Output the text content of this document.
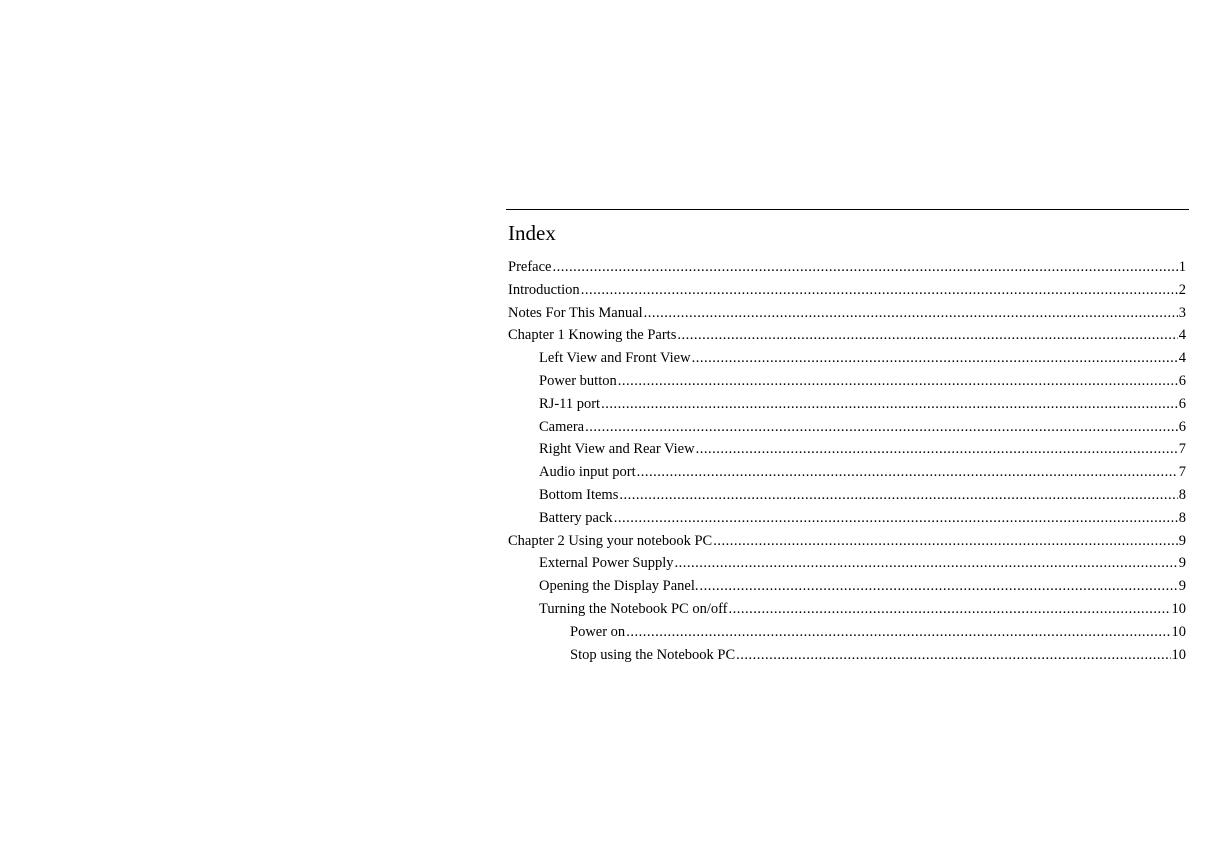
Index
Preface .....	1
Introduction .....	2
Notes For This Manual .....	3
Chapter 1 Knowing the Parts .....	4
Left View and Front View .....	4
Power button .....	6
RJ-11 port .....	6
Camera .....	6
Right View and Rear View .....	7
Audio input port .....	7
Bottom Items .....	8
Battery pack .....	8
Chapter 2 Using your notebook PC .....	9
External Power Supply .....	9
Opening the Display Panel. .....	9
Turning the Notebook PC on/off .....	10
Power on .....	10
Stop using the Notebook PC .....	10
